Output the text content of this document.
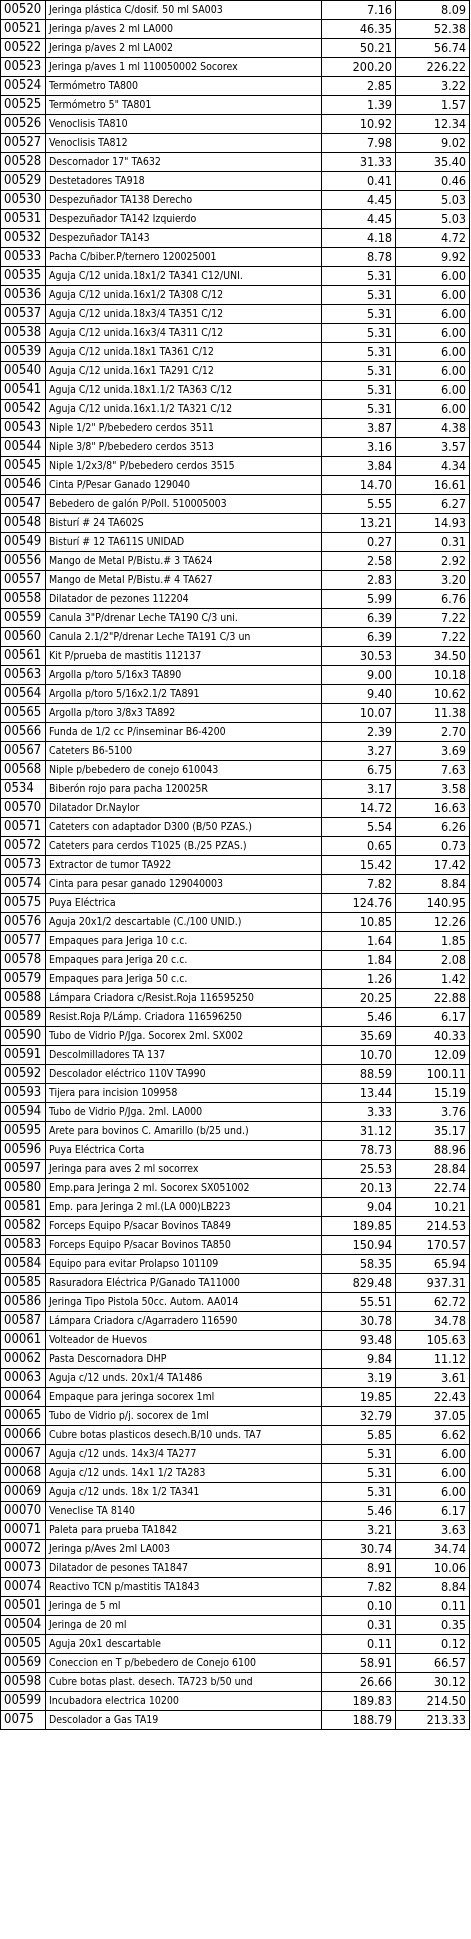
00520	Jeringa plástica C/dosif. 50 ml SA003	7.16	8.09
00521	Jeringa p/aves 2 ml LA000	46.35	52.38
00522	Jeringa p/aves 2 ml LA002	50.21	56.74
00523	Jeringa p/aves 1 ml 110050002 Socorex	200.20	226.22
00524	Termómetro TA800	2.85	3.22
00525	Termómetro 5" TA801	1.39	1.57
00526	Venoclisis TA810	10.92	12.34
00527	Venoclisis TA812	7.98	9.02
00528	Descornador 17" TA632	31.33	35.40
00529	Destetadores TA918	0.41	0.46
00530	Despezuñador TA138 Derecho	4.45	5.03
00531	Despezuñador TA142 Izquierdo	4.45	5.03
00532	Despezuñador TA143	4.18	4.72
00533	Pacha C/biber.P/ternero 120025001	8.78	9.92
00535	Aguja C/12 unida.18x1/2 TA341 C12/UNI.	5.31	6.00
00536	Aguja C/12 unida.16x1/2 TA308 C/12	5.31	6.00
00537	Aguja C/12 unida.18x3/4 TA351 C/12	5.31	6.00
00538	Aguja C/12 unida.16x3/4 TA311 C/12	5.31	6.00
00539	Aguja C/12 unida.18x1 TA361 C/12	5.31	6.00
00540	Aguja C/12 unida.16x1 TA291 C/12	5.31	6.00
00541	Aguja C/12 unida.18x1.1/2 TA363 C/12	5.31	6.00
00542	Aguja C/12 unida.16x1.1/2 TA321 C/12	5.31	6.00
00543	Niple 1/2" P/bebedero cerdos 3511	3.87	4.38
00544	Niple 3/8" P/bebedero cerdos 3513	3.16	3.57
00545	Niple 1/2x3/8" P/bebedero cerdos 3515	3.84	4.34
00546	Cinta P/Pesar Ganado 129040	14.70	16.61
00547	Bebedero de galón P/Poll. 510005003	5.55	6.27
00548	Bisturí # 24 TA602S	13.21	14.93
00549	Bisturí # 12 TA611S UNIDAD	0.27	0.31
00556	Mango de Metal P/Bistu.# 3 TA624	2.58	2.92
00557	Mango de Metal P/Bistu.# 4 TA627	2.83	3.20
00558	Dilatador de pezones 112204	5.99	6.76
00559	Canula 3"P/drenar Leche TA190 C/3 uni.	6.39	7.22
00560	Canula 2.1/2"P/drenar Leche TA191 C/3 un	6.39	7.22
00561	Kit P/prueba de mastitis 112137	30.53	34.50
00563	Argolla p/toro 5/16x3 TA890	9.00	10.18
00564	Argolla p/toro 5/16x2.1/2 TA891	9.40	10.62
00565	Argolla p/toro 3/8x3 TA892	10.07	11.38
00566	Funda de 1/2 cc P/inseminar B6-4200	2.39	2.70
00567	Cateters B6-5100	3.27	3.69
00568	Niple p/bebedero de conejo 610043	6.75	7.63
0534	Biberón rojo para pacha 120025R	3.17	3.58
00570	Dilatador Dr.Naylor	14.72	16.63
00571	Cateters con adaptador D300 (B/50 PZAS.)	5.54	6.26
00572	Cateters para cerdos T1025 (B./25 PZAS.)	0.65	0.73
00573	Extractor de tumor TA922	15.42	17.42
00574	Cinta para pesar ganado 129040003	7.82	8.84
00575	Puya Eléctrica	124.76	140.95
00576	Aguja 20x1/2 descartable (C./100 UNID.)	10.85	12.26
00577	Empaques para Jeriga 10 c.c.	1.64	1.85
00578	Empaques para Jeriga 20 c.c.	1.84	2.08
00579	Empaques para Jeriga 50 c.c.	1.26	1.42
00588	Lámpara Criadora c/Resist.Roja 116595250	20.25	22.88
00589	Resist.Roja P/Lámp. Criadora 116596250	5.46	6.17
00590	Tubo de Vidrio P/Jga. Socorex 2ml. SX002	35.69	40.33
00591	Descolmilladores TA 137	10.70	12.09
00592	Descolador eléctrico 110V TA990	88.59	100.11
00593	Tijera para incision 109958	13.44	15.19
00594	Tubo de Vidrio P/Jga. 2ml. LA000	3.33	3.76
00595	Arete para bovinos C. Amarillo (b/25 und.)	31.12	35.17
00596	Puya Eléctrica Corta	78.73	88.96
00597	Jeringa para aves 2 ml socorrex	25.53	28.84
00580	Emp.para Jeringa 2 ml. Socorex SX051002	20.13	22.74
00581	Emp. para Jeringa 2 ml.(LA 000)LB223	9.04	10.21
00582	Forceps Equipo P/sacar Bovinos TA849	189.85	214.53
00583	Forceps Equipo P/sacar Bovinos TA850	150.94	170.57
00584	Equipo para evitar Prolapso 101109	58.35	65.94
00585	Rasuradora Eléctrica P/Ganado TA11000	829.48	937.31
00586	Jeringa Tipo Pistola 50cc. Autom. AA014	55.51	62.72
00587	Lámpara Criadora c/Agarradero 116590	30.78	34.78
00061	Volteador de Huevos	93.48	105.63
00062	Pasta Descornadora DHP	9.84	11.12
00063	Aguja c/12 unds. 20x1/4 TA1486	3.19	3.61
00064	Empaque para jeringa socorex 1ml	19.85	22.43
00065	Tubo de Vidrio p/j. socorex de 1ml	32.79	37.05
00066	Cubre botas plasticos desech.B/10 unds. TA7	5.85	6.62
00067	Aguja c/12 unds. 14x3/4 TA277	5.31	6.00
00068	Aguja c/12 unds. 14x1 1/2 TA283	5.31	6.00
00069	Aguja c/12 unds. 18x 1/2 TA341	5.31	6.00
00070	Veneclise TA 8140	5.46	6.17
00071	Paleta para prueba TA1842	3.21	3.63
00072	Jeringa p/Aves 2ml LA003	30.74	34.74
00073	Dilatador de pesones TA1847	8.91	10.06
00074	Reactivo TCN p/mastitis TA1843	7.82	8.84
00501	Jeringa de 5 ml	0.10	0.11
00504	Jeringa de 20 ml	0.31	0.35
00505	Aguja 20x1 descartable	0.11	0.12
00569	Coneccion en T p/bebedero de Conejo 6100	58.91	66.57
00598	Cubre botas plast. desech. TA723 b/50 und	26.66	30.12
00599	Incubadora electrica 10200	189.83	214.50
0075	Descolador a Gas TA19	188.79	213.33
